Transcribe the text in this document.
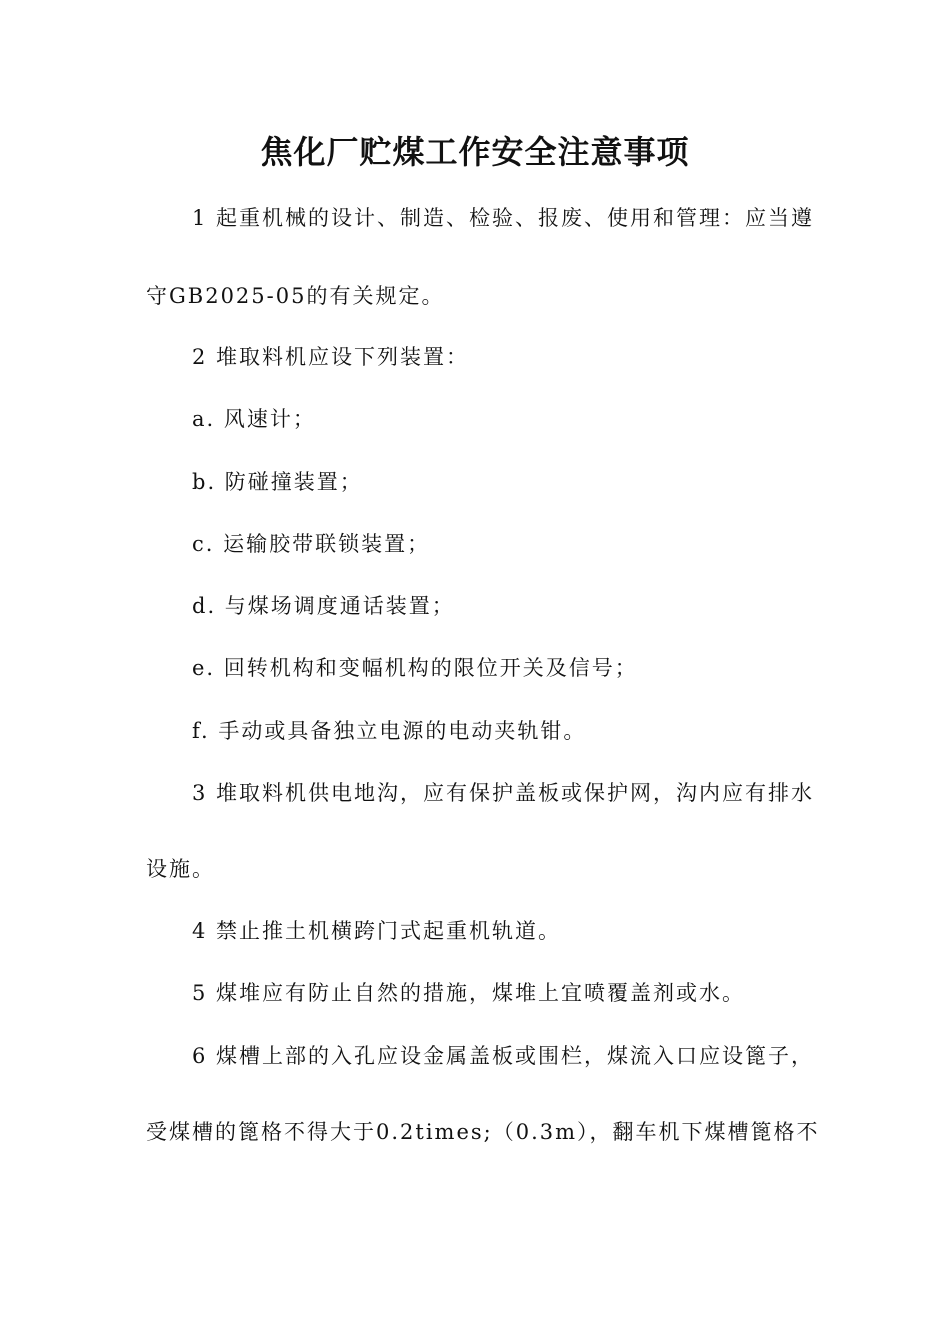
焦化厂贮煤工作安全注意事项
1 起重机械的设计、制造、检验、报废、使用和管理：应当遵
守GB2025-05的有关规定。
2 堆取料机应设下列装置：
a. 风速计；
b. 防碰撞装置；
c. 运输胶带联锁装置；
d. 与煤场调度通话装置；
e. 回转机构和变幅机构的限位开关及信号；
f. 手动或具备独立电源的电动夹轨钳。
3 堆取料机供电地沟，应有保护盖板或保护网，沟内应有排水
设施。
4 禁止推土机横跨门式起重机轨道。
5 煤堆应有防止自然的措施，煤堆上宜喷覆盖剂或水。
6 煤槽上部的入孔应设金属盖板或围栏，煤流入口应设篦子，
受煤槽的篦格不得大于0.2times;（0.3m），翻车机下煤槽篦格不
